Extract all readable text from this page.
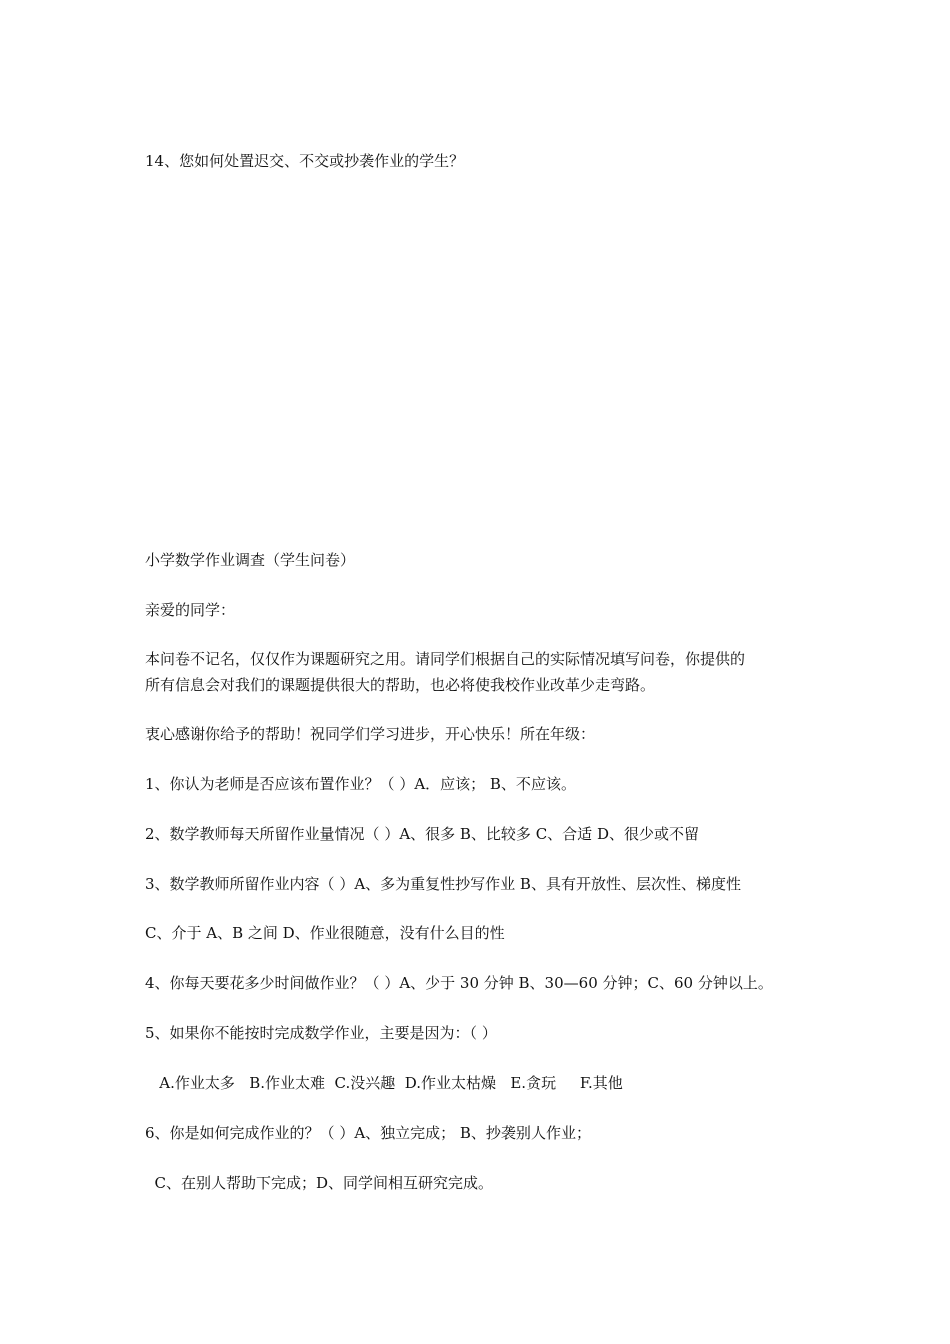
14、您如何处置迟交、不交或抄袭作业的学生？
小学数学作业调查（学生问卷）
亲爱的同学：
本问卷不记名，仅仅作为课题研究之用。请同学们根据自己的实际情况填写问卷，你提供的
所有信息会对我们的课题提供很大的帮助，也必将使我校作业改革少走弯路。
衷心感谢你给予的帮助！祝同学们学习进步，开心快乐！所在年级：
1、你认为老师是否应该布置作业？（ ）A．应该； B、不应该。
2、数学教师每天所留作业量情况（ ）A、很多 B、比较多 C、合适 D、很少或不留
3、数学教师所留作业内容（ ）A、多为重复性抄写作业 B、具有开放性、层次性、梯度性
C、介于 A、B 之间 D、作业很随意，没有什么目的性
4、你每天要花多少时间做作业？（ ）A、少于 30 分钟 B、30—60 分钟；C、60 分钟以上。
5、如果你不能按时完成数学作业，主要是因为：（ ）
A.作业太多   B.作业太难  C.没兴趣  D.作业太枯燥   E.贪玩     F.其他
6、你是如何完成作业的？（ ）A、独立完成； B、抄袭别人作业；
C、在别人帮助下完成；D、同学间相互研究完成。
